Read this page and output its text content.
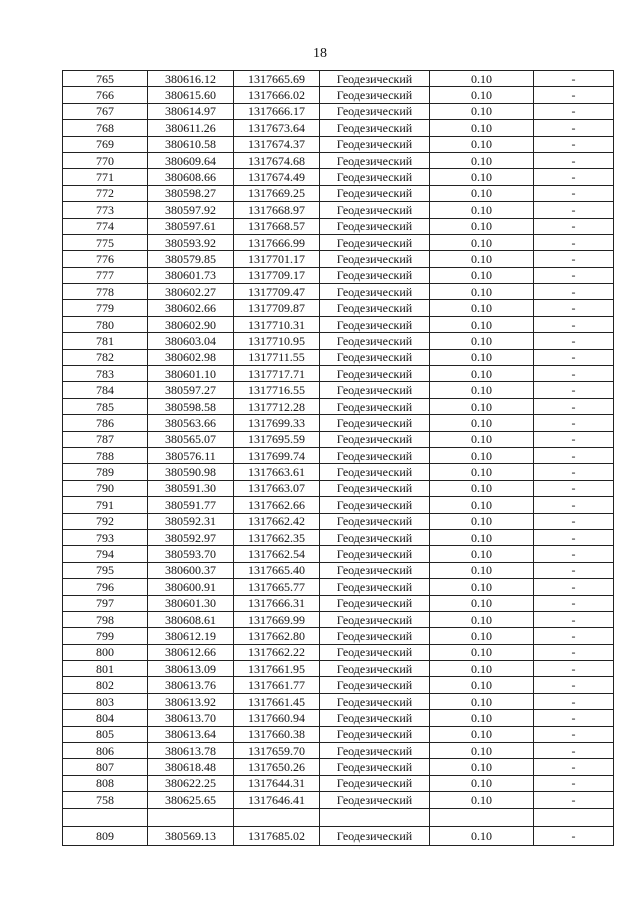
18
765	380616.12	1317665.69	Геодезический	0.10	-
766	380615.60	1317666.02	Геодезический	0.10	-
767	380614.97	1317666.17	Геодезический	0.10	-
768	380611.26	1317673.64	Геодезический	0.10	-
769	380610.58	1317674.37	Геодезический	0.10	-
770	380609.64	1317674.68	Геодезический	0.10	-
771	380608.66	1317674.49	Геодезический	0.10	-
772	380598.27	1317669.25	Геодезический	0.10	-
773	380597.92	1317668.97	Геодезический	0.10	-
774	380597.61	1317668.57	Геодезический	0.10	-
775	380593.92	1317666.99	Геодезический	0.10	-
776	380579.85	1317701.17	Геодезический	0.10	-
777	380601.73	1317709.17	Геодезический	0.10	-
778	380602.27	1317709.47	Геодезический	0.10	-
779	380602.66	1317709.87	Геодезический	0.10	-
780	380602.90	1317710.31	Геодезический	0.10	-
781	380603.04	1317710.95	Геодезический	0.10	-
782	380602.98	1317711.55	Геодезический	0.10	-
783	380601.10	1317717.71	Геодезический	0.10	-
784	380597.27	1317716.55	Геодезический	0.10	-
785	380598.58	1317712.28	Геодезический	0.10	-
786	380563.66	1317699.33	Геодезический	0.10	-
787	380565.07	1317695.59	Геодезический	0.10	-
788	380576.11	1317699.74	Геодезический	0.10	-
789	380590.98	1317663.61	Геодезический	0.10	-
790	380591.30	1317663.07	Геодезический	0.10	-
791	380591.77	1317662.66	Геодезический	0.10	-
792	380592.31	1317662.42	Геодезический	0.10	-
793	380592.97	1317662.35	Геодезический	0.10	-
794	380593.70	1317662.54	Геодезический	0.10	-
795	380600.37	1317665.40	Геодезический	0.10	-
796	380600.91	1317665.77	Геодезический	0.10	-
797	380601.30	1317666.31	Геодезический	0.10	-
798	380608.61	1317669.99	Геодезический	0.10	-
799	380612.19	1317662.80	Геодезический	0.10	-
800	380612.66	1317662.22	Геодезический	0.10	-
801	380613.09	1317661.95	Геодезический	0.10	-
802	380613.76	1317661.77	Геодезический	0.10	-
803	380613.92	1317661.45	Геодезический	0.10	-
804	380613.70	1317660.94	Геодезический	0.10	-
805	380613.64	1317660.38	Геодезический	0.10	-
806	380613.78	1317659.70	Геодезический	0.10	-
807	380618.48	1317650.26	Геодезический	0.10	-
808	380622.25	1317644.31	Геодезический	0.10	-
758	380625.65	1317646.41	Геодезический	0.10	-

809	380569.13	1317685.02	Геодезический	0.10	-
